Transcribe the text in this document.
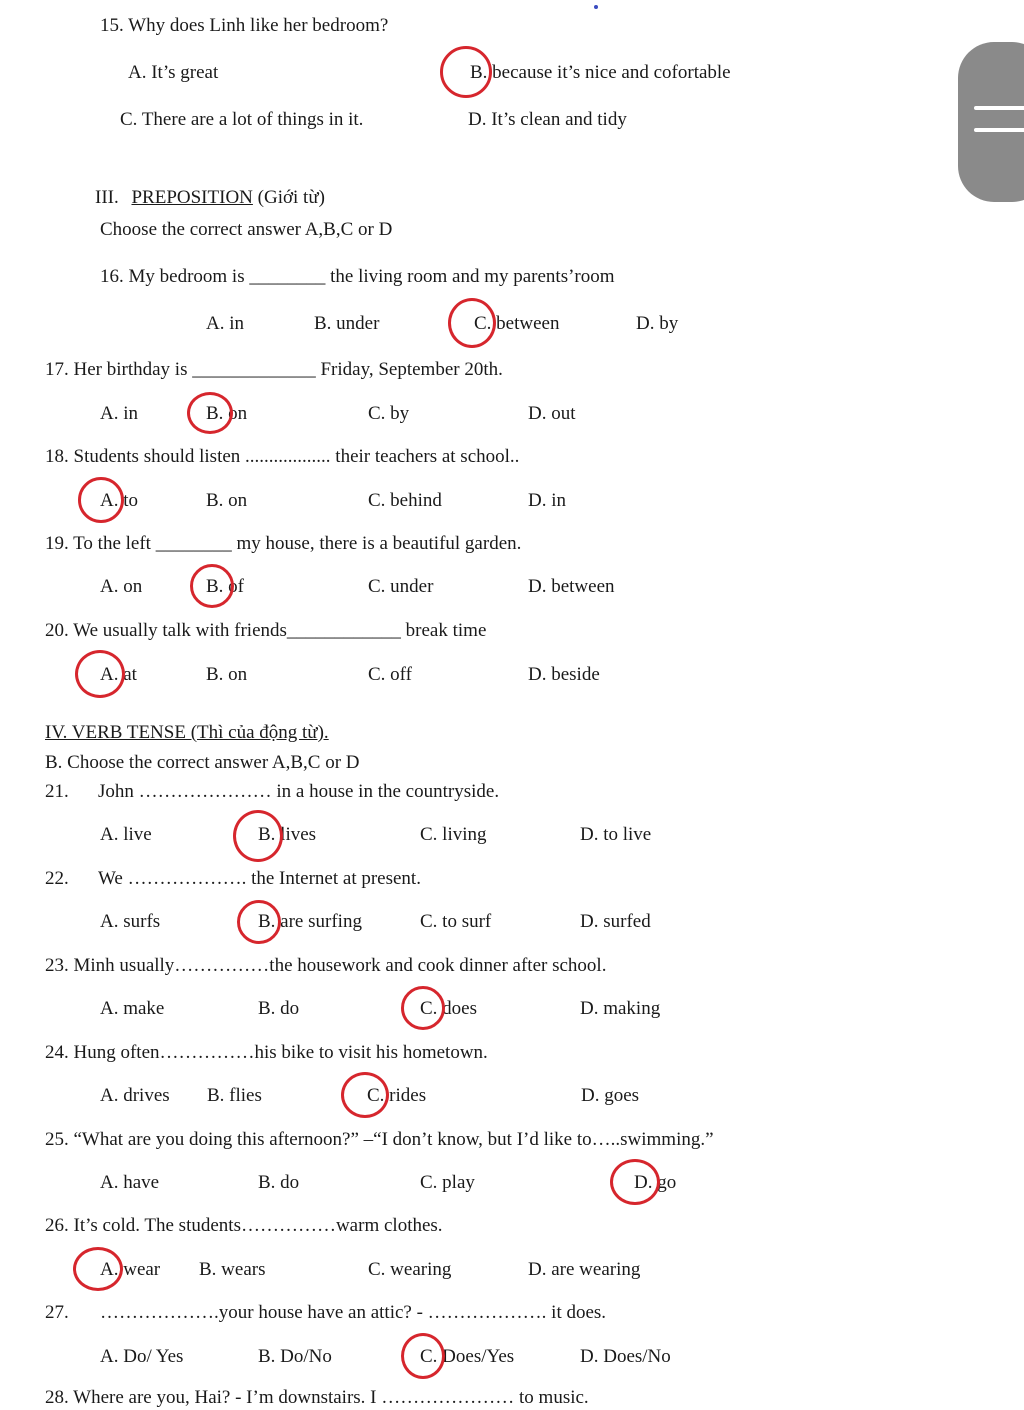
15. Why does Linh like her bedroom?
A. It’s great	B. because it’s nice and cofortable
C. There are a lot of things in it.	D. It’s clean and tidy
III. PREPOSITION (Giới từ)
Choose the correct answer A,B,C or D
16. My bedroom is ________ the living room and my parents’room
A. in	B. under	C. between	D. by
17. Her birthday is _____________ Friday, September 20th.
A. in	B. on	C. by	D. out
18. Students should listen .................. their teachers at school..
A. to	B. on	C. behind	D. in
19. To the left ________ my house, there is a beautiful garden.
A. on	B. of	C. under	D. between
20. We usually talk with friends____________ break time
A. at	B. on	C. off	D. beside
IV. VERB TENSE (Thì của động từ).
B. Choose the correct answer A,B,C or D
21. John ………………… in a house in the countryside.
A. live	B. lives	C. living	D. to live
22. We ………………. the Internet at present.
A. surfs	B. are surfing	C. to surf	D. surfed
23. Minh usually……………the housework and cook dinner after school.
A. make	B. do	C. does	D. making
24. Hung often……………his bike to visit his hometown.
A. drives B. flies	C. rides	D. goes
25. “What are you doing this afternoon?” –“I don’t know, but I’d like to…..swimming.”
A. have	B. do	C. play	D. go
26. It’s cold. The students……………warm clothes.
A. wear B. wears	C. wearing	D. are wearing
27. ……………….your house have an attic? - ………………. it does.
A. Do/ Yes	B. Do/No	C. Does/Yes	D. Does/No
28. Where are you, Hai? - I’m downstairs. I ………………… to music.
